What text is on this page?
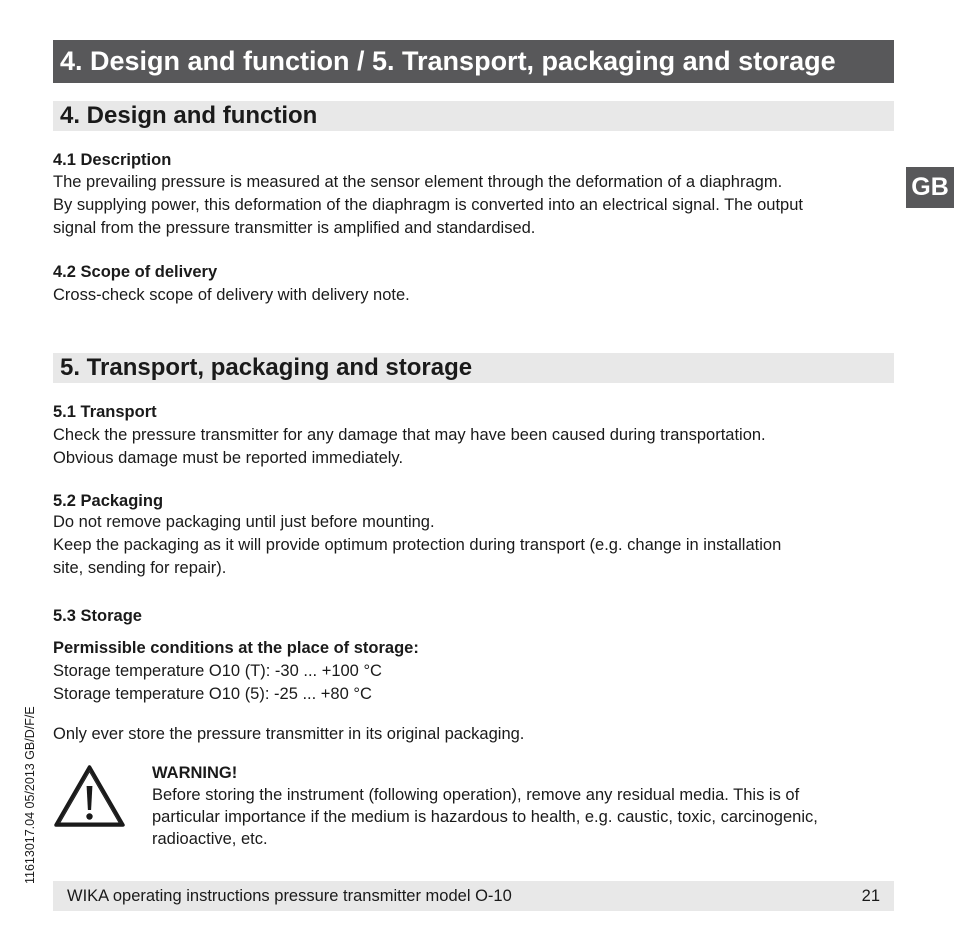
4. Design and function / 5. Transport, packaging and storage
GB
4. Design and function
4.1 Description
The prevailing pressure is measured at the sensor element through the deformation of a diaphragm.
By supplying power, this deformation of the diaphragm is converted into an electrical signal. The output
signal from the pressure transmitter is amplified and standardised.
4.2 Scope of delivery
Cross-check scope of delivery with delivery note.
5. Transport, packaging and storage
5.1 Transport
Check the pressure transmitter for any damage that may have been caused during transportation.
Obvious damage must be reported immediately.
5.2 Packaging
Do not remove packaging until just before mounting.
Keep the packaging as it will provide optimum protection during transport (e.g. change in installation
site, sending for repair).
5.3 Storage
Permissible conditions at the place of storage:
Storage temperature O10 (T): -30 ... +100 °C
Storage temperature O10 (5): -25 ... +80 °C
Only ever store the pressure transmitter in its original packaging.
WARNING!
Before storing the instrument (following operation), remove any residual media. This is of
particular importance if the medium is hazardous to health, e.g. caustic, toxic, carcinogenic,
radioactive, etc.
11613017.04 05/2013 GB/D/F/E
WIKA operating instructions pressure transmitter model O-10	21
